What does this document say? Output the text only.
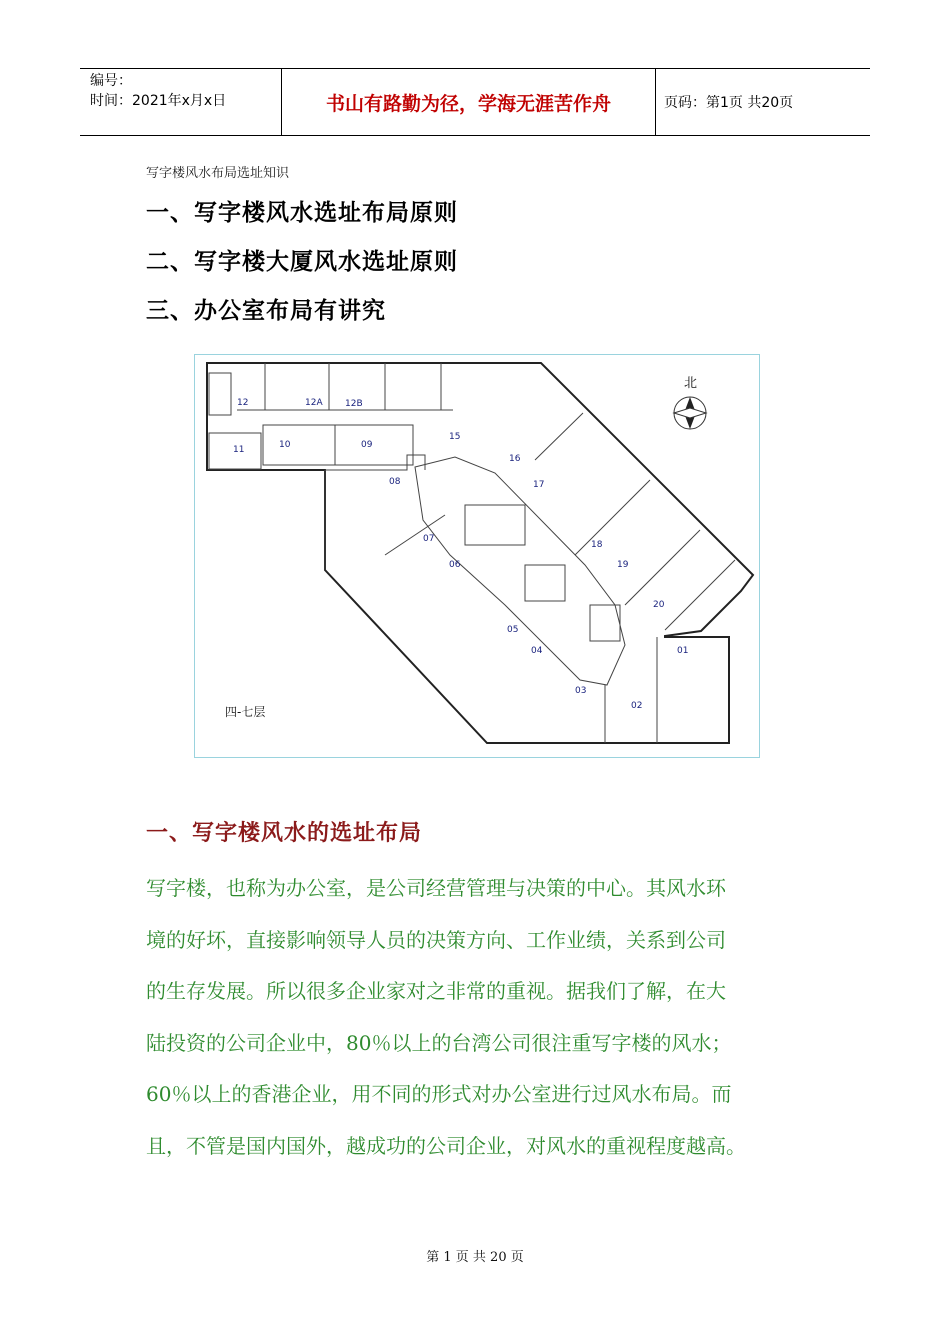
编号：
时间：2021年x月x日	书山有路勤为径，学海无涯苦作舟	页码：第1页 共20页
写字楼风水布局选址知识
一、写字楼风水选址布局原则
二、写字楼大厦风水选址原则
三、办公室布局有讲究
北
四-七层
12	12A 12B
11	10	09
15
16
17
08
07
06
18
19
20
05
04
03
01
02
一、写字楼风水的选址布局

写字楼，也称为办公室，是公司经营管理与决策的中心。其风水环
境的好坏，直接影响领导人员的决策方向、工作业绩，关系到公司
的生存发展。所以很多企业家对之非常的重视。据我们了解，在大
陆投资的公司企业中，80％以上的台湾公司很注重写字楼的风水；
60％以上的香港企业，用不同的形式对办公室进行过风水布局。而
且，不管是国内国外，越成功的公司企业，对风水的重视程度越高。

第 1 页 共 20 页
